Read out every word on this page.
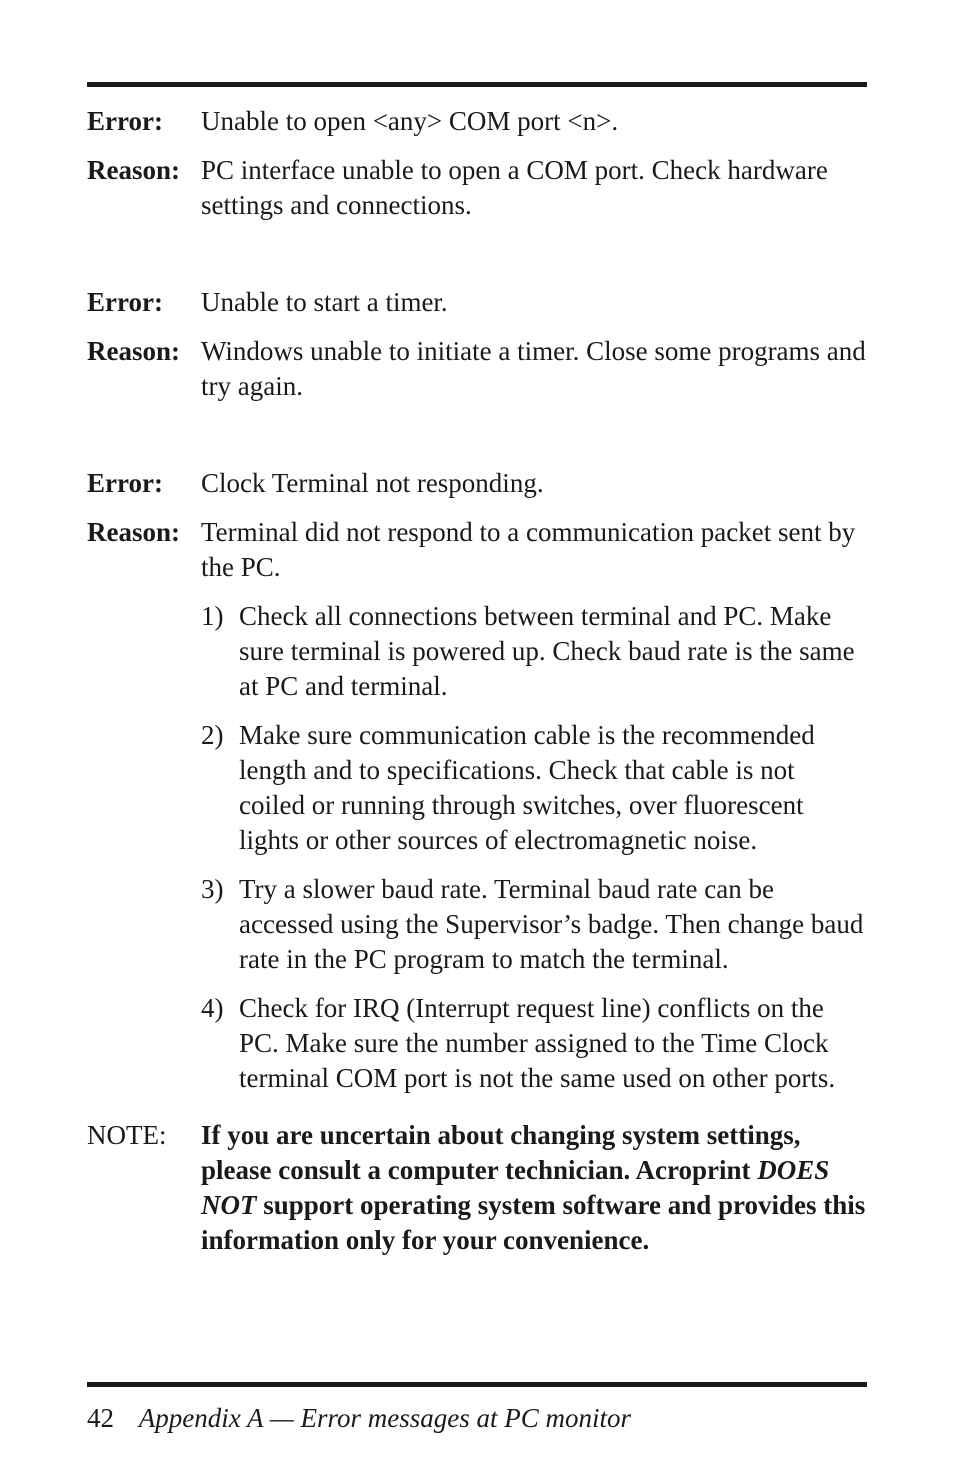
Error:	Unable to open <any> COM port <n>.
Reason: PC interface unable to open a COM port. Check hardware settings and connections.
Error:	Unable to start a timer.
Reason: Windows unable to initiate a timer. Close some programs and try again.
Error:	Clock Terminal not responding.
Reason: Terminal did not respond to a communication packet sent by the PC.
1) Check all connections between terminal and PC. Make sure terminal is powered up. Check baud rate is the same at PC and terminal.
2) Make sure communication cable is the recommended length and to specifications. Check that cable is not coiled or running through switches, over fluorescent lights or other sources of electromagnetic noise.
3) Try a slower baud rate. Terminal baud rate can be accessed using the Supervisor’s badge. Then change baud rate in the PC program to match the terminal.
4) Check for IRQ (Interrupt request line) conflicts on the PC. Make sure the number assigned to the Time Clock terminal COM port is not the same used on other ports.
NOTE:	If you are uncertain about changing system settings, please consult a computer technician. Acroprint DOES NOT support operating system software and provides this information only for your convenience.
42 Appendix A — Error messages at PC monitor
